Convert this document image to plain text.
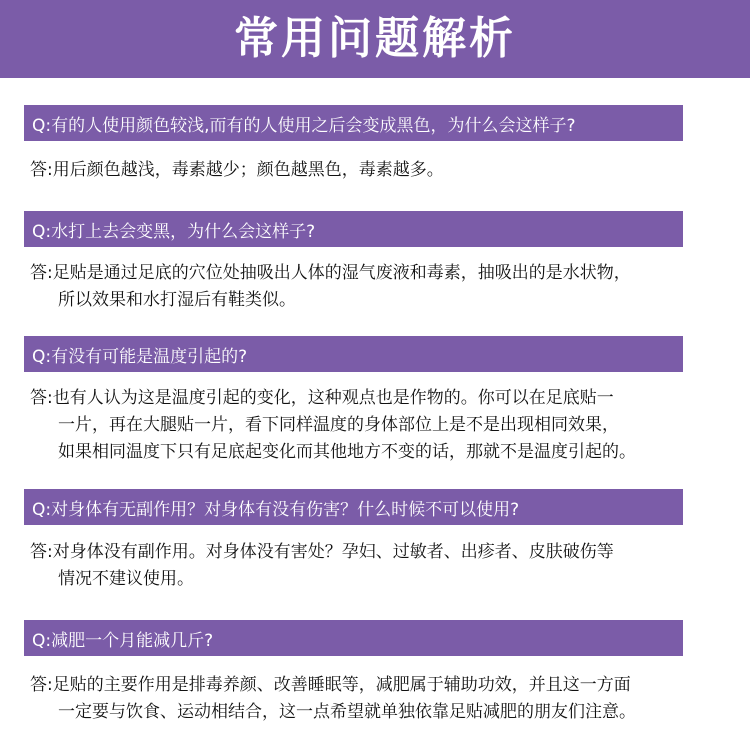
常用问题解析
Q:有的人使用颜色较浅,而有的人使用之后会变成黑色，为什么会这样子?
答:用后颜色越浅，毒素越少；颜色越黑色，毒素越多。
Q:水打上去会变黑，为什么会这样子?
答:足贴是通过足底的穴位处抽吸出人体的湿气废液和毒素，抽吸出的是水状物，
所以效果和水打湿后有鞋类似。
Q:有没有可能是温度引起的?
答:也有人认为这是温度引起的变化，这种观点也是作物的。你可以在足底贴一
一片，再在大腿贴一片，看下同样温度的身体部位上是不是出现相同效果，
如果相同温度下只有足底起变化而其他地方不变的话，那就不是温度引起的。
Q:对身体有无副作用？对身体有没有伤害？什么时候不可以使用?
答:对身体没有副作用。对身体没有害处？孕妇、过敏者、出疹者、皮肤破伤等
情况不建议使用。
Q:减肥一个月能减几斤?
答:足贴的主要作用是排毒养颜、改善睡眠等，减肥属于辅助功效，并且这一方面
一定要与饮食、运动相结合，这一点希望就单独依靠足贴减肥的朋友们注意。
